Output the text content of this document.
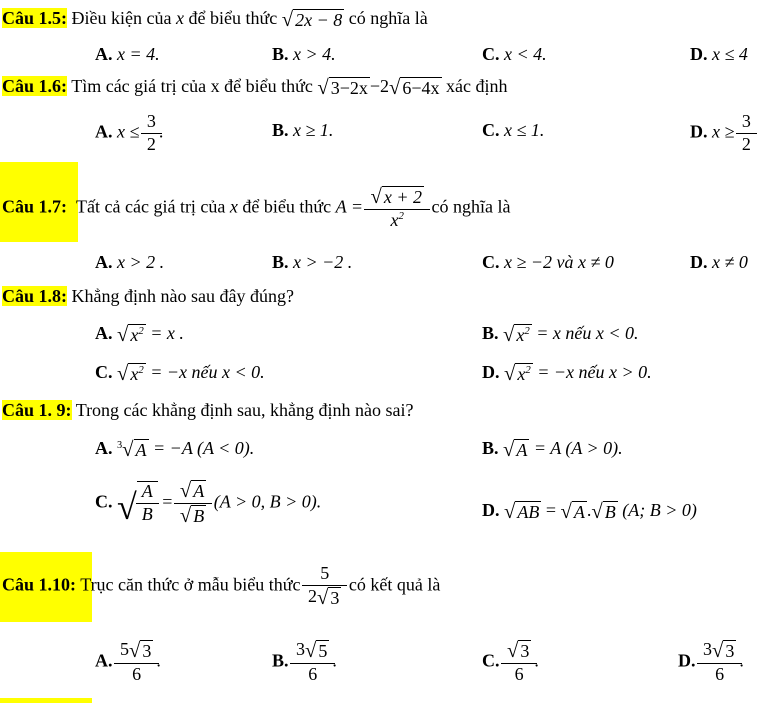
Câu 1.5: Điều kiện của x để biểu thức √ 2x − 8 có nghĩa là
A. x = 4.	B. x > 4.	C. x < 4.	D. x ≤ 4
Câu 1.6: Tìm các giá trị của x để biểu thức √ 3−2x −2 √ 6−4x xác định
A. $x \le \frac{3}{2}$ .	B. x ≥ 1.	C. x ≤ 1.	D. $x \ge \frac{3}{2}$
Câu 1.7: Tất cả các giá trị của x để biểu thức $A = \frac{√ x + 2}{x^2}$ có nghĩa là
A. x > 2 .	B. x > −2 .	C. x ≥ −2 và x ≠ 0	D. x ≠ 0
Câu 1.8: Khẳng định nào sau đây đúng?
A. √ $x^2 = x$ .	B. √ $x^2 = x$ nếu x < 0.
C. √ $x^2 = -x$ nếu x < 0.	D. √ $x^2 = -x$ nếu x > 0.
Câu 1. 9: Trong các khẳng định sau, khẳng định nào sai?
A. $^3$√ A = −A (A < 0).	B. √ A = A (A > 0).
C. √ $\frac{A}{B} = \frac{√ A}{√ B} (A > 0$, B > 0).	D. √ AB = √ A . √ B (A; B > 0)
Câu 1.10: Trục căn thức ở mẫu biểu thức $\frac{5}{2 √ 3}$ có kết quả là
A. $\frac{5 √ 3}{6}$ .	B. $\frac{3 √ 5}{6}$ .	C. $\frac{√ 3}{6}$ .	D. $\frac{3 √ 3}{6}$ .
